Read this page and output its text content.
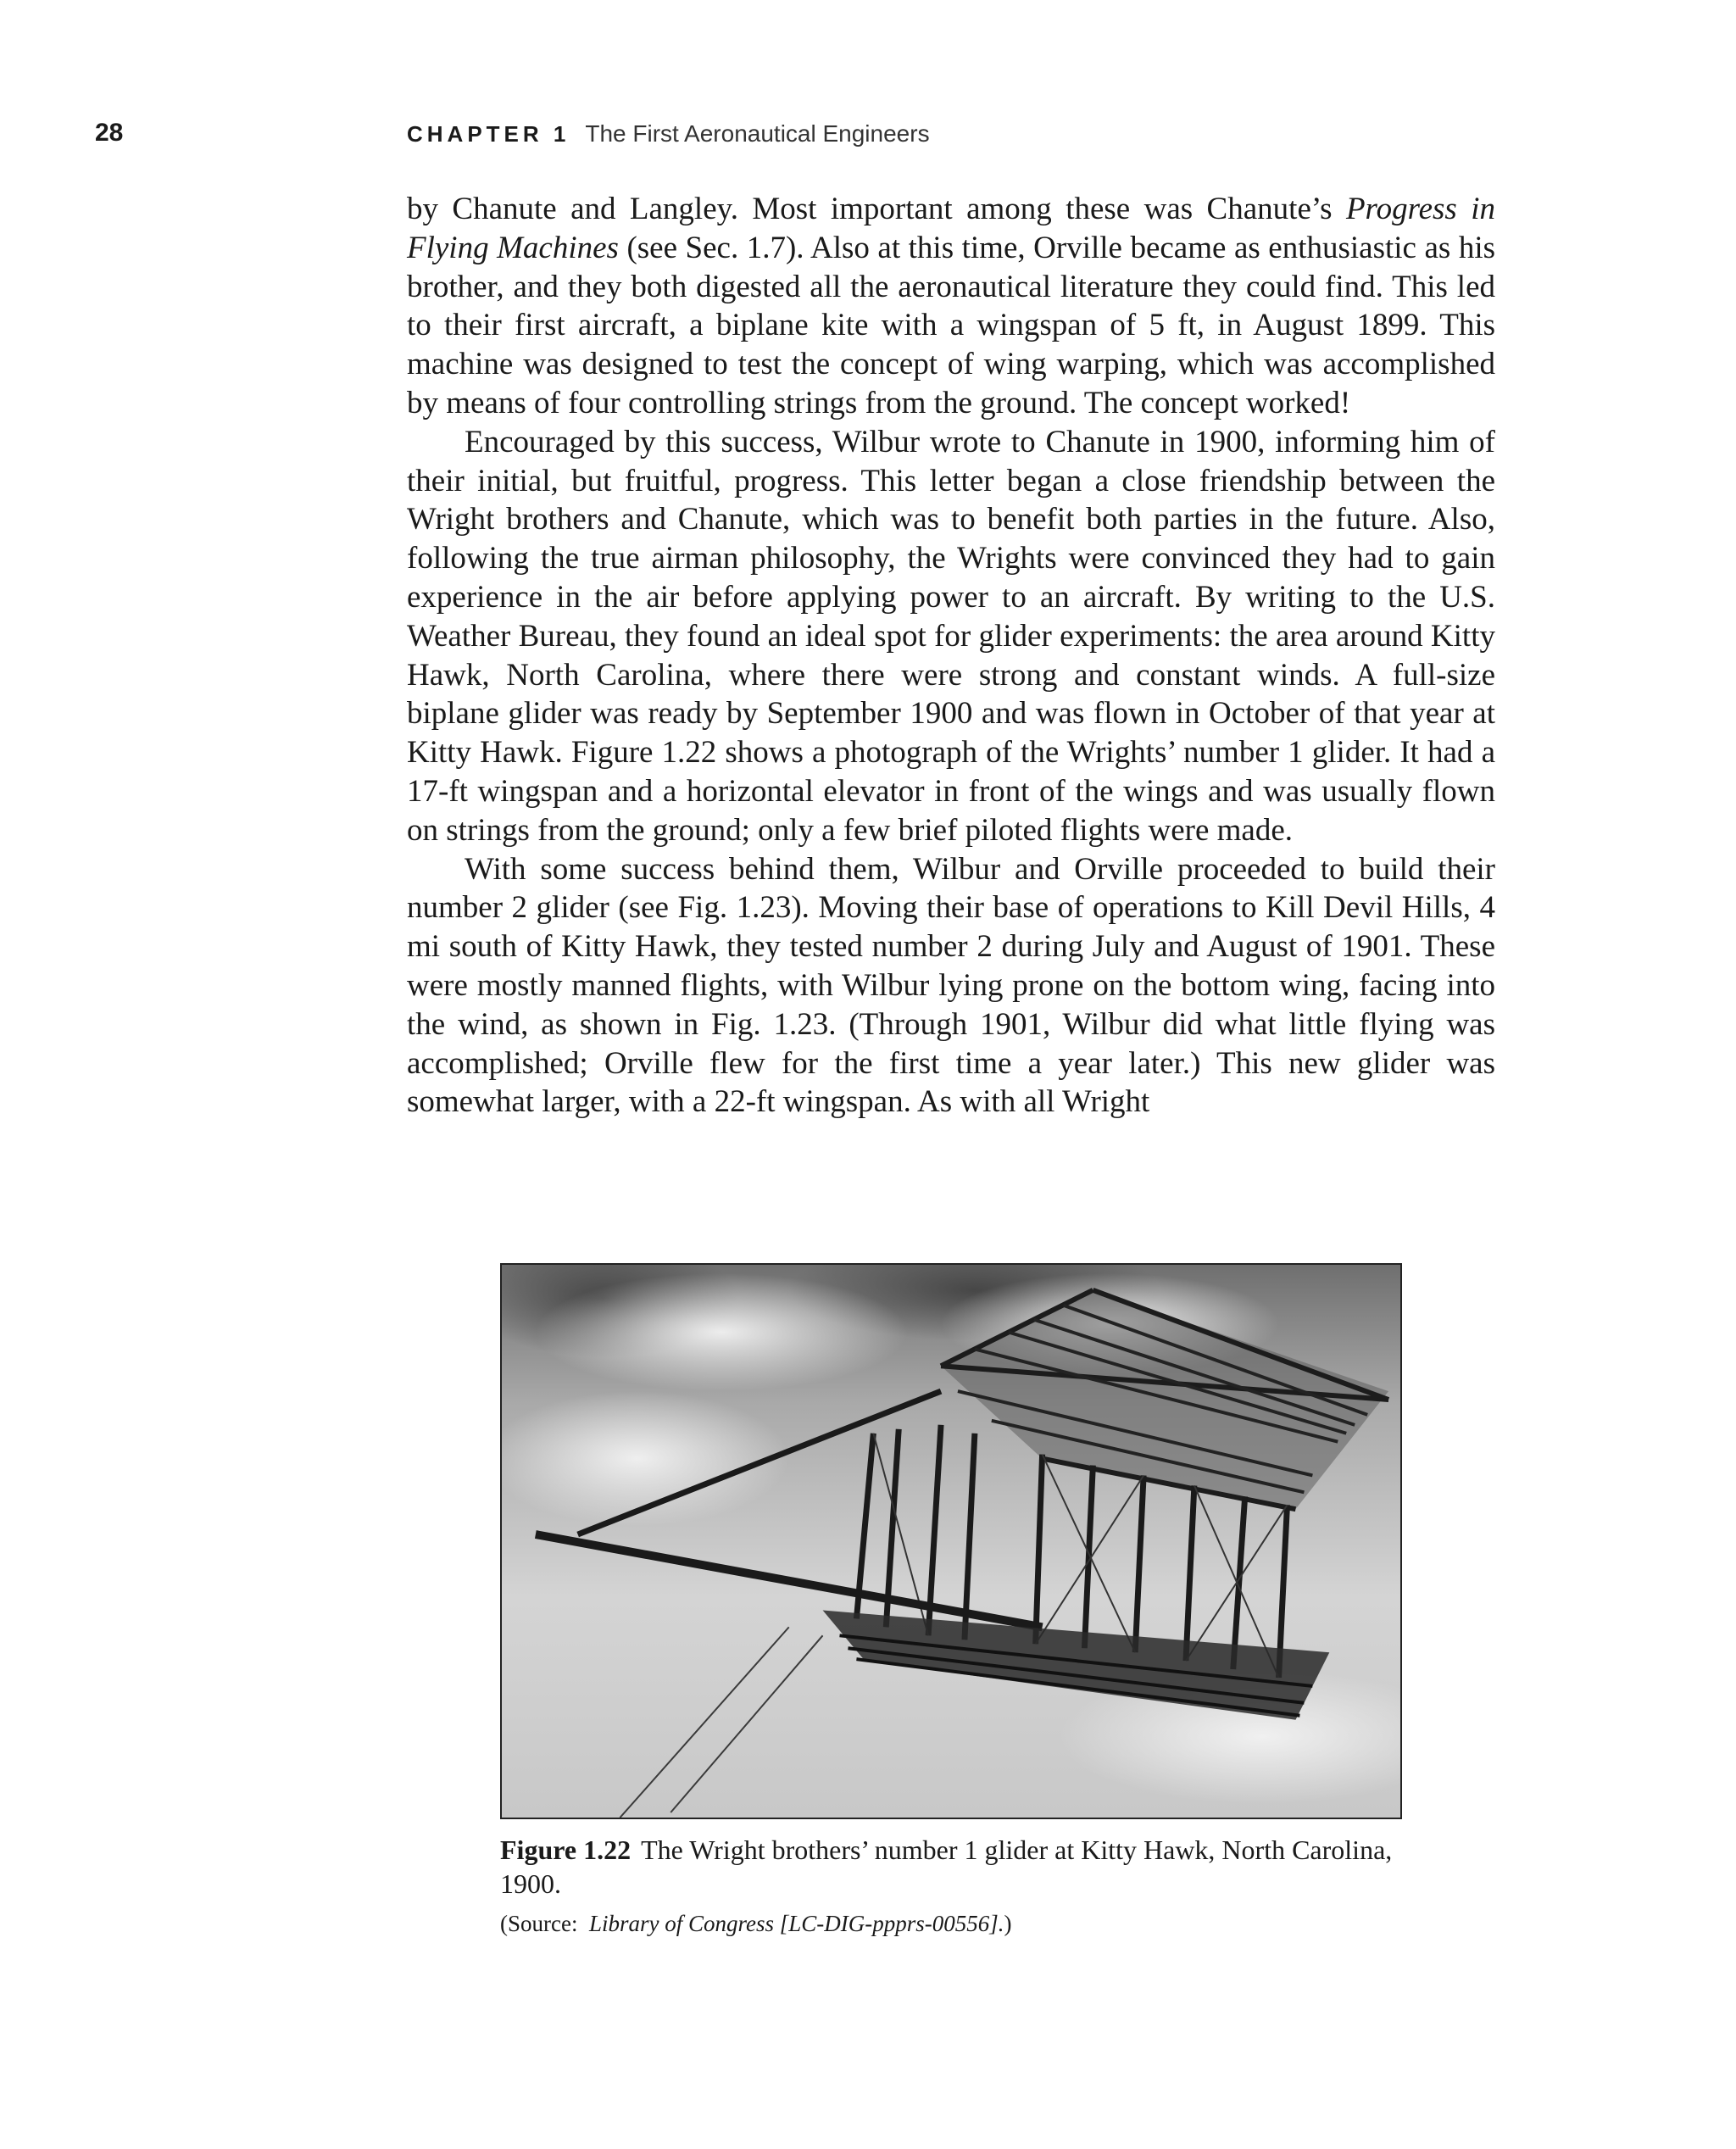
28	CHAPTER 1 The First Aeronautical Engineers

by Chanute and Langley. Most important among these was Chanute’s Progress in Flying Machines (see Sec. 1.7). Also at this time, Orville became as enthusiastic as his brother, and they both digested all the aeronautical literature they could find. This led to their first aircraft, a biplane kite with a wingspan of 5 ft, in August 1899. This machine was designed to test the concept of wing warping, which was accomplished by means of four controlling strings from the ground. The concept worked!

Encouraged by this success, Wilbur wrote to Chanute in 1900, informing him of their initial, but fruitful, progress. This letter began a close friendship between the Wright brothers and Chanute, which was to benefit both parties in the future. Also, following the true airman philosophy, the Wrights were convinced they had to gain experience in the air before applying power to an aircraft. By writing to the U.S. Weather Bureau, they found an ideal spot for glider experiments: the area around Kitty Hawk, North Carolina, where there were strong and constant winds. A full-size biplane glider was ready by September 1900 and was flown in October of that year at Kitty Hawk. Figure 1.22 shows a photograph of the Wrights’ number 1 glider. It had a 17-ft wingspan and a horizontal elevator in front of the wings and was usually flown on strings from the ground; only a few brief piloted flights were made.

With some success behind them, Wilbur and Orville proceeded to build their number 2 glider (see Fig. 1.23). Moving their base of operations to Kill Devil Hills, 4 mi south of Kitty Hawk, they tested number 2 during July and August of 1901. These were mostly manned flights, with Wilbur lying prone on the bottom wing, facing into the wind, as shown in Fig. 1.23. (Through 1901, Wilbur did what little flying was accomplished; Orville flew for the first time a year later.) This new glider was somewhat larger, with a 22-ft wingspan. As with all Wright

Figure 1.22 The Wright brothers’ number 1 glider at Kitty Hawk, North Carolina, 1900.
(Source: Library of Congress [LC-DIG-ppprs-00556].)
